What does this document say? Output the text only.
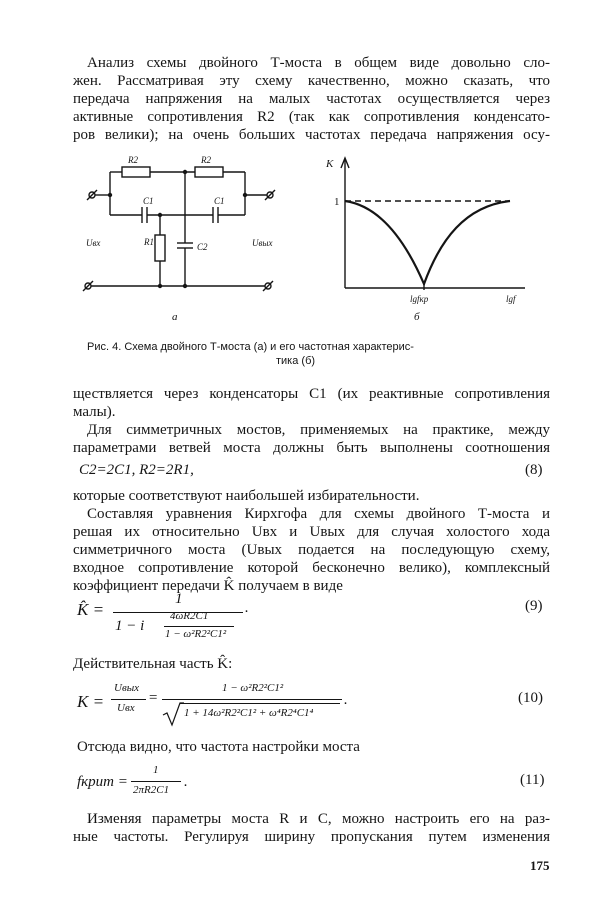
Анализ схемы двойного Т-моста в общем виде довольно сло-
жен. Рассматривая эту схему качественно, можно сказать, что
передача напряжения на малых частотах осуществляется через
активные сопротивления R2 (так как сопротивления конденсато-
ров велики); на очень больших частотах передача напряжения осу-
R2	R2
C1	C1
R1	C2
Uвх	Uвых
а
K
1
lgfкр	lgf
б
Рис. 4. Схема двойного Т-моста (а) и его частотная характерис-
тика (б)
ществляется через конденсаторы C1 (их реактивные сопротивления
малы).
Для симметричных мостов, применяемых на практике, между
параметрами ветвей моста должны быть выполнены соотношения
C2=2C1, R2=2R1,	(8)
которые соответствуют наибольшей избирательности.
Составляя уравнения Кирхгофа для схемы двойного Т-моста и
решая их относительно Uвх и Uвых для случая холостого хода
симметричного моста (Uвых подается на последующую схему,
входное сопротивление которой бесконечно велико), комплексный
коэффициент передачи K̂ получаем в виде
K̂ =
1
1 − i
4ωR2C1
1 − ω²R2²C1²
.	(9)
Действительная часть K̂:
K =
Uвых
Uвх
=
1 − ω²R2²C1²
1 + 14ω²R2²C1² + ω⁴R2⁴C1⁴
.	(10)
Отсюда видно, что частота настройки моста
fкрит =
1
2πR2C1 .	(11)
Изменяя параметры моста R и C, можно настроить его на раз-
ные частоты. Регулируя ширину пропускания путем изменения
175
